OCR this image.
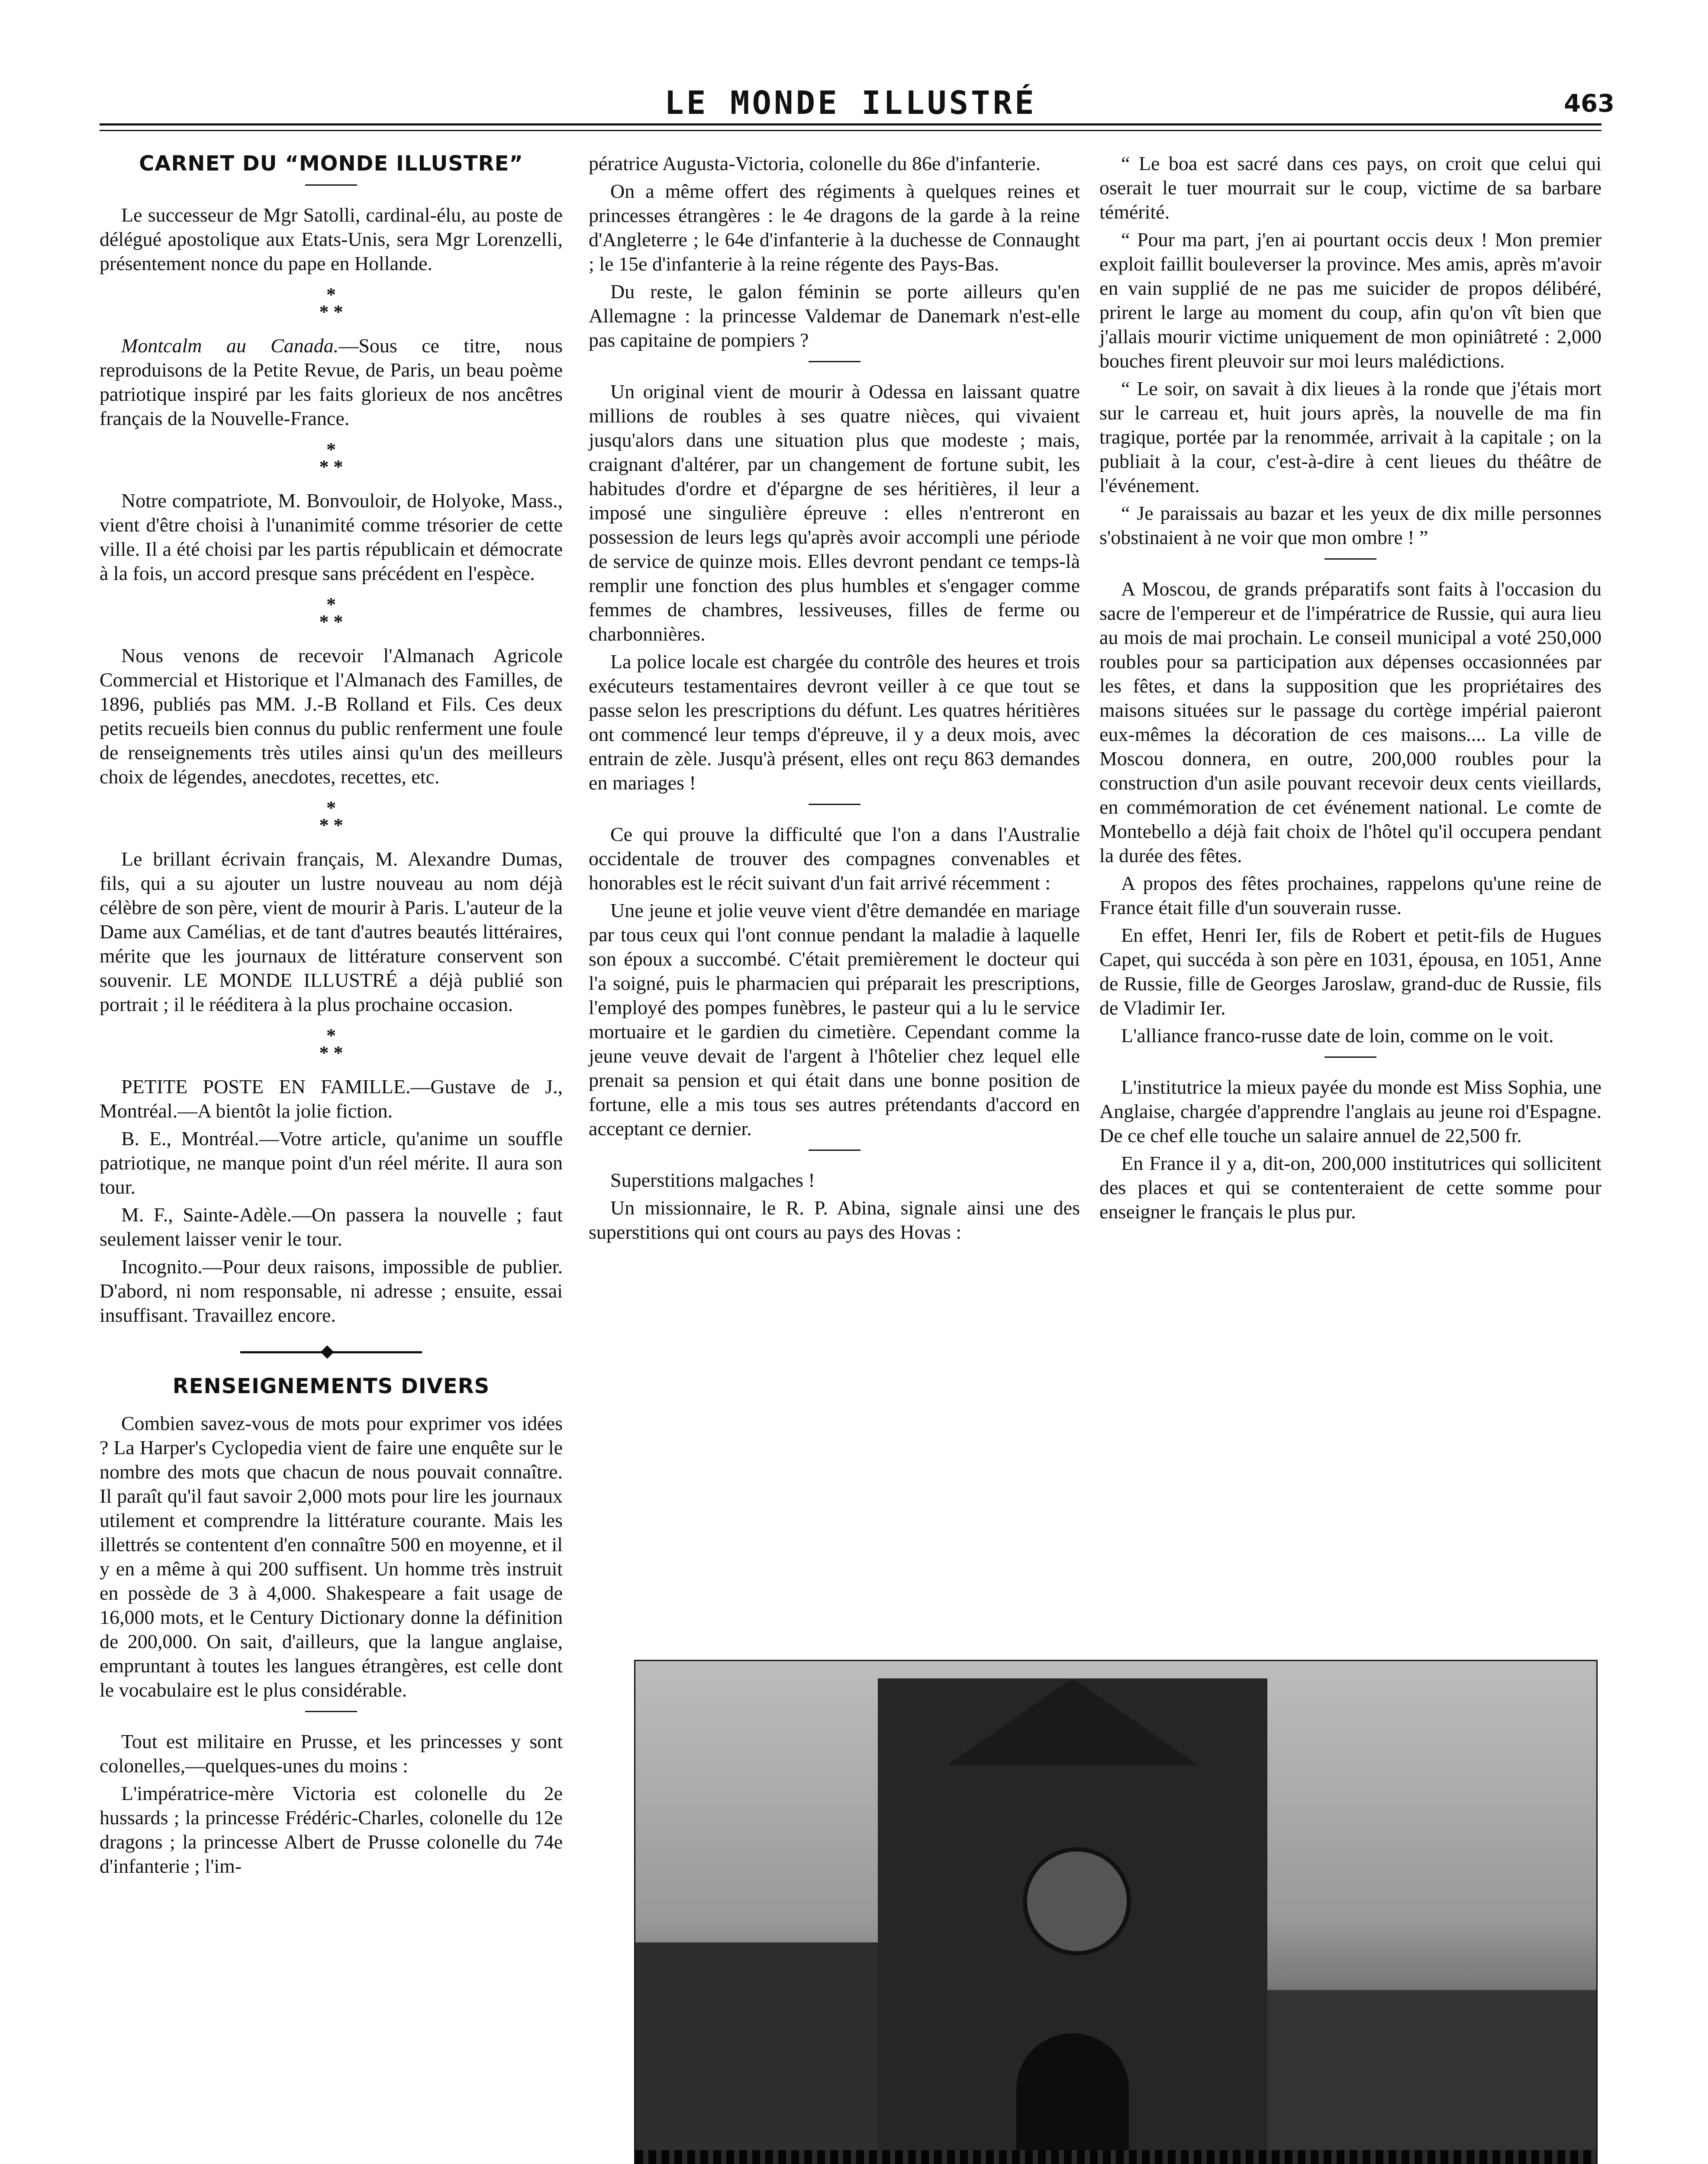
LE MONDE ILLUSTRÉ	463
CARNET DU “MONDE ILLUSTRE”

Le successeur de Mgr Satolli, cardinal-élu, au poste de délégué apostolique aux Etats-Unis, sera Mgr Lorenzelli, présentement nonce du pape en Hollande.

*
* *

Montcalm au Canada.—Sous ce titre, nous reproduisons de la Petite Revue, de Paris, un beau poème patriotique inspiré par les faits glorieux de nos ancêtres français de la Nouvelle-France.

*
* *

Notre compatriote, M. Bonvouloir, de Holyoke, Mass., vient d'être choisi à l'unanimité comme trésorier de cette ville. Il a été choisi par les partis républicain et démocrate à la fois, un accord presque sans précédent en l'espèce.

*
* *

Nous venons de recevoir l'Almanach Agricole Commercial et Historique et l'Almanach des Familles, de 1896, publiés pas MM. J.-B Rolland et Fils. Ces deux petits recueils bien connus du public renferment une foule de renseignements très utiles ainsi qu'un des meilleurs choix de légendes, anecdotes, recettes, etc.

*
* *

Le brillant écrivain français, M. Alexandre Dumas, fils, qui a su ajouter un lustre nouveau au nom déjà célèbre de son père, vient de mourir à Paris. L'auteur de la Dame aux Camélias, et de tant d'autres beautés littéraires, mérite que les journaux de littérature conservent son souvenir. LE MONDE ILLUSTRÉ a déjà publié son portrait ; il le rééditera à la plus prochaine occasion.

*
* *

PETITE POSTE EN FAMILLE.—Gustave de J., Montréal.—A bientôt la jolie fiction.

B. E., Montréal.—Votre article, qu'anime un souffle patriotique, ne manque point d'un réel mérite. Il aura son tour.

M. F., Sainte-Adèle.—On passera la nouvelle ; faut seulement laisser venir le tour.

Incognito.—Pour deux raisons, impossible de publier. D'abord, ni nom responsable, ni adresse ; ensuite, essai insuffisant. Travaillez encore.

RENSEIGNEMENTS DIVERS

Combien savez-vous de mots pour exprimer vos idées ? La Harper's Cyclopedia vient de faire une enquête sur le nombre des mots que chacun de nous pouvait connaître. Il paraît qu'il faut savoir 2,000 mots pour lire les journaux utilement et comprendre la littérature courante. Mais les illettrés se contentent d'en connaître 500 en moyenne, et il y en a même à qui 200 suffisent. Un homme très instruit en possède de 3 à 4,000. Shakespeare a fait usage de 16,000 mots, et le Century Dictionary donne la définition de 200,000. On sait, d'ailleurs, que la langue anglaise, empruntant à toutes les langues étrangères, est celle dont le vocabulaire est le plus considérable.

Tout est militaire en Prusse, et les princesses y sont colonelles,—quelques-unes du moins :

L'impératrice-mère Victoria est colonelle du 2e hussards ; la princesse Frédéric-Charles, colonelle du 12e dragons ; la princesse Albert de Prusse colonelle du 74e d'infanterie ; l'im-

pératrice Augusta-Victoria, colonelle du 86e d'infanterie.

On a même offert des régiments à quelques reines et princesses étrangères : le 4e dragons de la garde à la reine d'Angleterre ; le 64e d'infanterie à la duchesse de Connaught ; le 15e d'infanterie à la reine régente des Pays-Bas.

Du reste, le galon féminin se porte ailleurs qu'en Allemagne : la princesse Valdemar de Danemark n'est-elle pas capitaine de pompiers ?

Un original vient de mourir à Odessa en laissant quatre millions de roubles à ses quatre nièces, qui vivaient jusqu'alors dans une situation plus que modeste ; mais, craignant d'altérer, par un changement de fortune subit, les habitudes d'ordre et d'épargne de ses héritières, il leur a imposé une singulière épreuve : elles n'entreront en possession de leurs legs qu'après avoir accompli une période de service de quinze mois. Elles devront pendant ce temps-là remplir une fonction des plus humbles et s'engager comme femmes de chambres, lessiveuses, filles de ferme ou charbonnières.

La police locale est chargée du contrôle des heures et trois exécuteurs testamentaires devront veiller à ce que tout se passe selon les prescriptions du défunt. Les quatres héritières ont commencé leur temps d'épreuve, il y a deux mois, avec entrain de zèle. Jusqu'à présent, elles ont reçu 863 demandes en mariages !

Ce qui prouve la difficulté que l'on a dans l'Australie occidentale de trouver des compagnes convenables et honorables est le récit suivant d'un fait arrivé récemment :

Une jeune et jolie veuve vient d'être demandée en mariage par tous ceux qui l'ont connue pendant la maladie à laquelle son époux a succombé. C'était premièrement le docteur qui l'a soigné, puis le pharmacien qui préparait les prescriptions, l'employé des pompes funèbres, le pasteur qui a lu le service mortuaire et le gardien du cimetière. Cependant comme la jeune veuve devait de l'argent à l'hôtelier chez lequel elle prenait sa pension et qui était dans une bonne position de fortune, elle a mis tous ses autres prétendants d'accord en acceptant ce dernier.

Superstitions malgaches !

Un missionnaire, le R. P. Abina, signale ainsi une des superstitions qui ont cours au pays des Hovas :

“ Le boa est sacré dans ces pays, on croit que celui qui oserait le tuer mourrait sur le coup, victime de sa barbare témérité.

“ Pour ma part, j'en ai pourtant occis deux ! Mon premier exploit faillit bouleverser la province. Mes amis, après m'avoir en vain supplié de ne pas me suicider de propos délibéré, prirent le large au moment du coup, afin qu'on vît bien que j'allais mourir victime uniquement de mon opiniâtreté : 2,000 bouches firent pleuvoir sur moi leurs malédictions.

“ Le soir, on savait à dix lieues à la ronde que j'étais mort sur le carreau et, huit jours après, la nouvelle de ma fin tragique, portée par la renommée, arrivait à la capitale ; on la publiait à la cour, c'est-à-dire à cent lieues du théâtre de l'événement.

“ Je paraissais au bazar et les yeux de dix mille personnes s'obstinaient à ne voir que mon ombre ! ”

A Moscou, de grands préparatifs sont faits à l'occasion du sacre de l'empereur et de l'impératrice de Russie, qui aura lieu au mois de mai prochain. Le conseil municipal a voté 250,000 roubles pour sa participation aux dépenses occasionnées par les fêtes, et dans la supposition que les propriétaires des maisons situées sur le passage du cortège impérial paieront eux-mêmes la décoration de ces maisons.... La ville de Moscou donnera, en outre, 200,000 roubles pour la construction d'un asile pouvant recevoir deux cents vieillards, en commémoration de cet événement national. Le comte de Montebello a déjà fait choix de l'hôtel qu'il occupera pendant la durée des fêtes.

A propos des fêtes prochaines, rappelons qu'une reine de France était fille d'un souverain russe.

En effet, Henri Ier, fils de Robert et petit-fils de Hugues Capet, qui succéda à son père en 1031, épousa, en 1051, Anne de Russie, fille de Georges Jaroslaw, grand-duc de Russie, fils de Vladimir Ier.

L'alliance franco-russe date de loin, comme on le voit.

L'institutrice la mieux payée du monde est Miss Sophia, une Anglaise, chargée d'apprendre l'anglais au jeune roi d'Espagne. De ce chef elle touche un salaire annuel de 22,500 fr.

En France il y a, dit-on, 200,000 institutrices qui sollicitent des places et qui se contenteraient de cette somme pour enseigner le français le plus pur.
